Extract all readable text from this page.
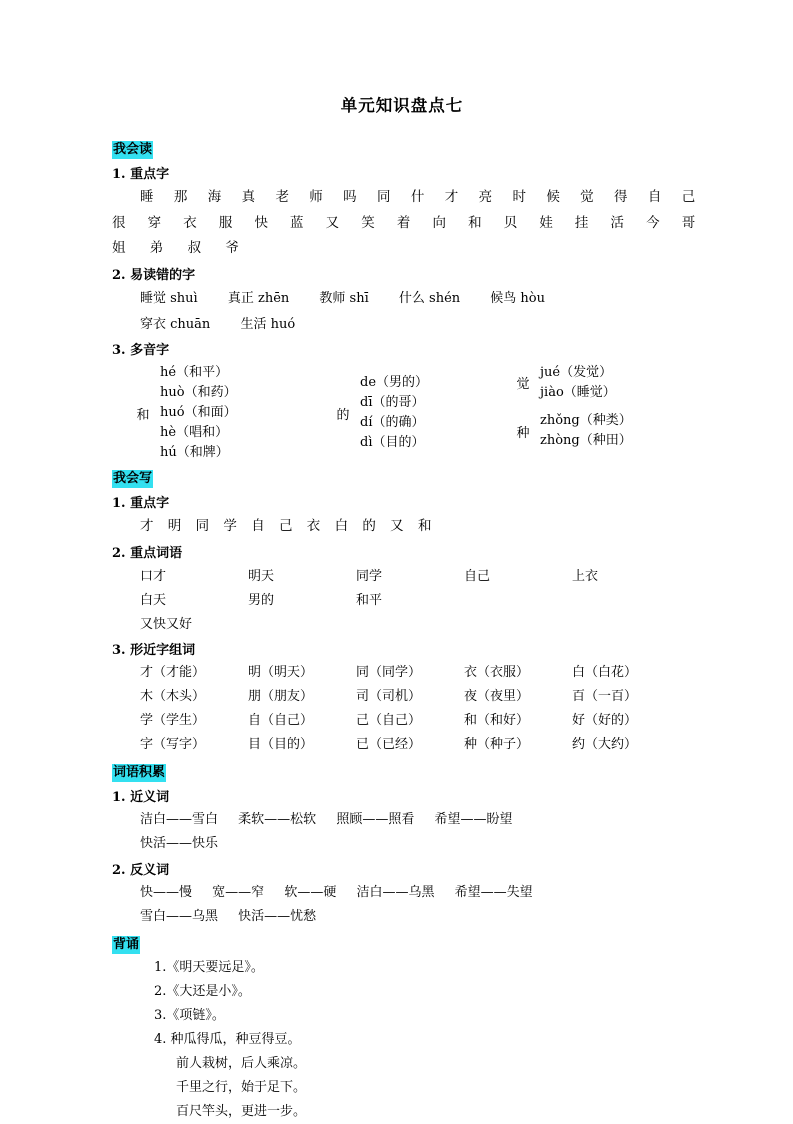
单元知识盘点七
我会读
1. 重点字
睡 那 海 真 老 师 吗 同 什 才 亮 时 候 觉 得 自 己
很 穿 衣 服 快 蓝 又 笑 着 向 和 贝 娃 挂 活 今 哥
姐 弟 叔 爷
2. 易读错的字
睡觉 shuì 真正 zhēn 教师 shī 什么 shén 候鸟 hòu
穿衣 chuān 生活 huó
3. 多音字
和
hé（和平）
huò（和药）
huó（和面）
hè（唱和）
hú（和牌）
的
de（男的）
dī（的哥）
dí（的确）
dì（目的）
觉
jué（发觉）
jiào（睡觉）
种
zhǒng（种类）
zhòng（种田）
我会写
1. 重点字
才 明 同 学 自 己 衣 白 的 又 和
2. 重点词语
口才	明天	同学	自己	上衣
白天	男的	和平
又快又好
3. 形近字组词
才（才能）	明（明天）	同（同学）	衣（衣服）	白（白花）
木（木头）	朋（朋友）	司（司机）	夜（夜里）	百（一百）
学（学生）	自（自己）	己（自己）	和（和好）	好（好的）
字（写字）	目（目的）	已（已经）	种（种子）	约（大约）
词语积累
1. 近义词
洁白——雪白 柔软——松软 照顾——照看 希望——盼望
快活——快乐
2. 反义词
快——慢 宽——窄 软——硬 洁白——乌黑 希望——失望
雪白——乌黑 快活——忧愁
背诵
1.《明天要远足》。
2.《大还是小》。
3.《项链》。
4. 种瓜得瓜，种豆得豆。
前人栽树，后人乘凉。
千里之行，始于足下。
百尺竿头，更进一步。
